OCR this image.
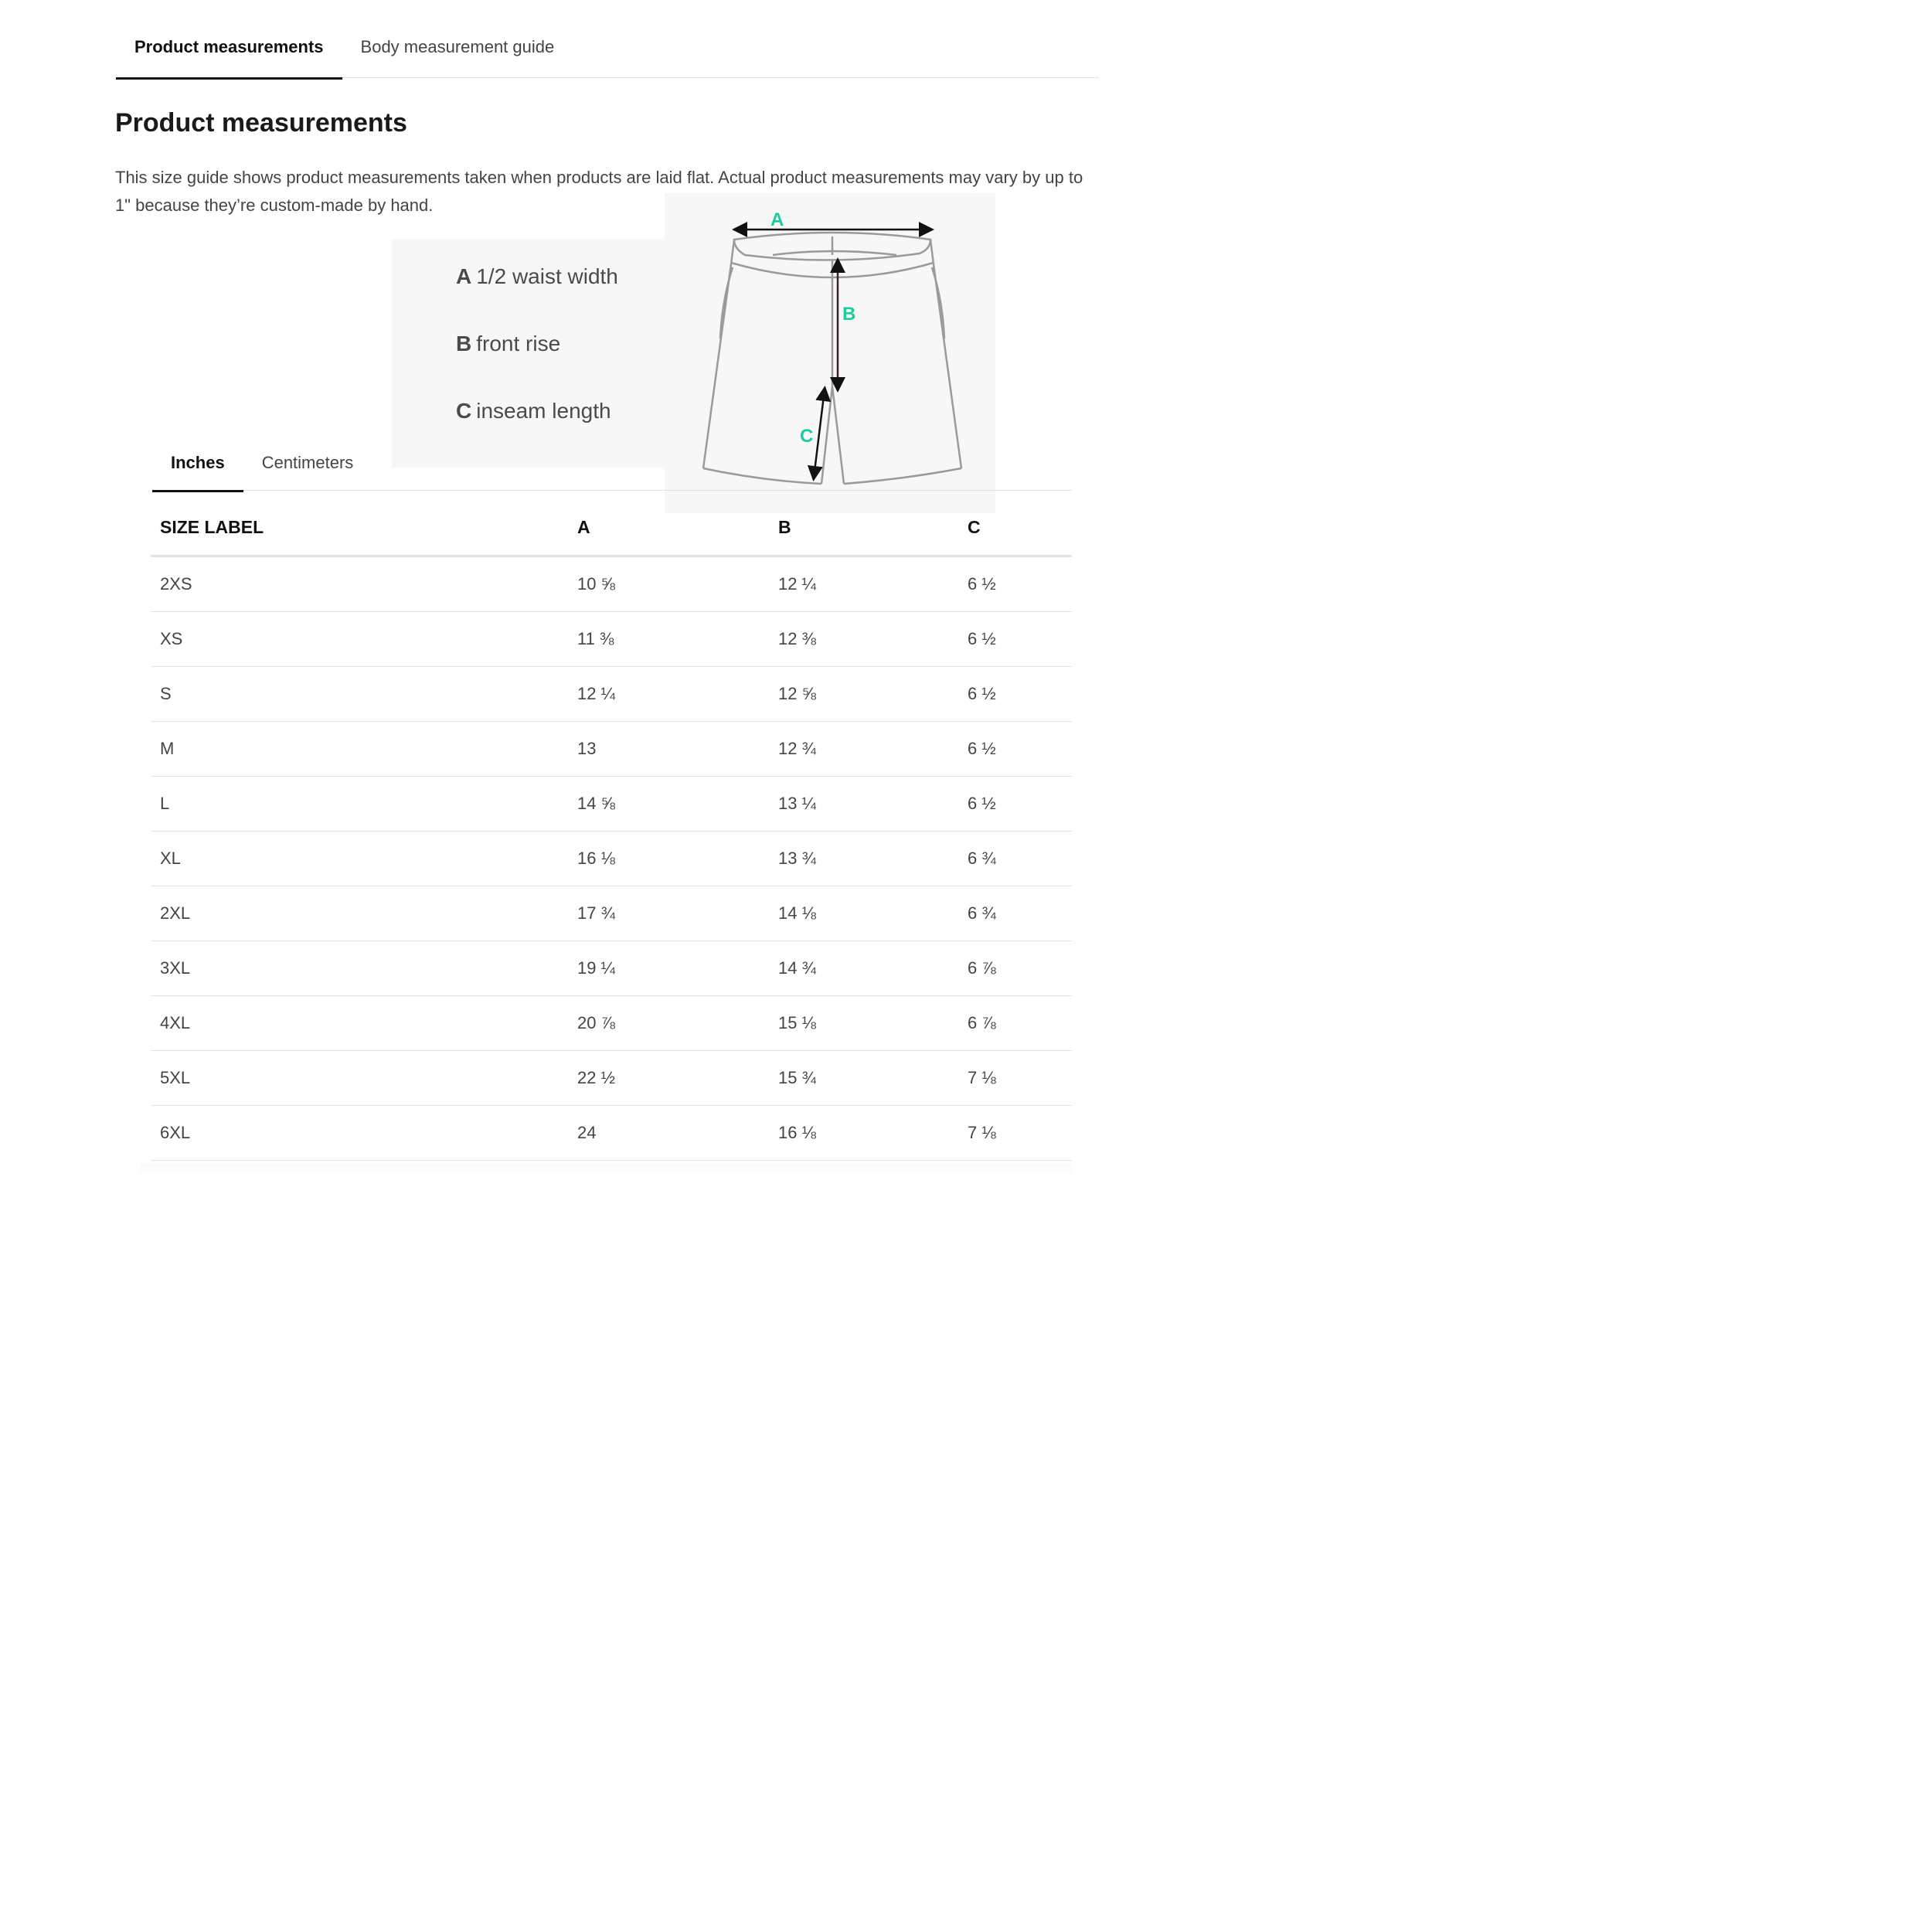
Product measurements	Body measurement guide
Product measurements

This size guide shows product measurements taken when products are laid flat. Actual product measurements may vary by up to 1" because they’re custom-made by hand.

A 1/2 waist width
B front rise
C inseam length
A
B
C
Inches	Centimeters
SIZE LABEL	A	B	C
2XS	10 ⅝	12 ¼	6 ½
XS	11 ⅜	12 ⅜	6 ½
S	12 ¼	12 ⅝	6 ½
M	13	12 ¾	6 ½
L	14 ⅝	13 ¼	6 ½
XL	16 ⅛	13 ¾	6 ¾
2XL	17 ¾	14 ⅛	6 ¾
3XL	19 ¼	14 ¾	6 ⅞
4XL	20 ⅞	15 ⅛	6 ⅞
5XL	22 ½	15 ¾	7 ⅛
6XL	24	16 ⅛	7 ⅛
